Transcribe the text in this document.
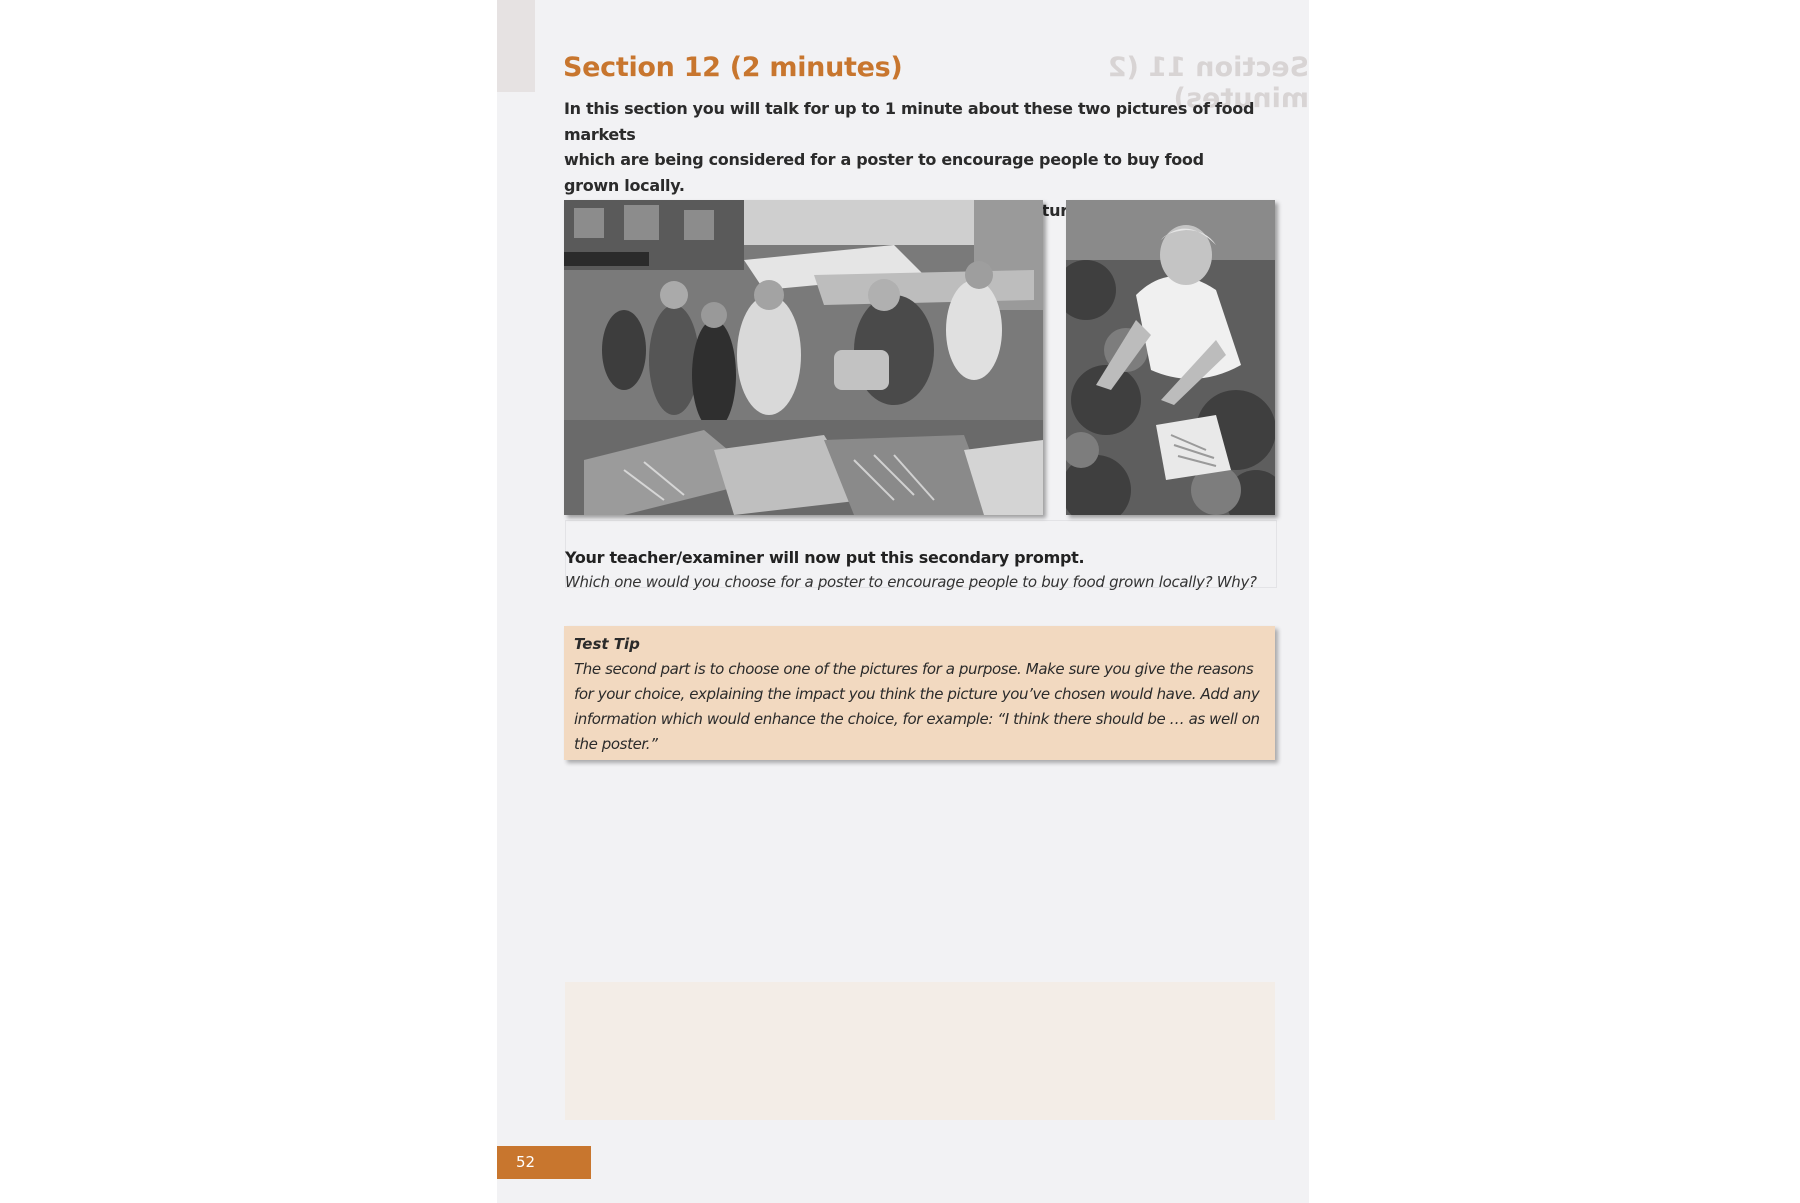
Section 11 (2 minutes)
Section 12 (2 minutes)
In this section you will talk for up to 1 minute about these two pictures of food markets
which are being considered for a poster to encourage people to buy food grown locally.
pictures.
Your teacher/examiner will now put this secondary prompt.
Which one would you choose for a poster to encourage people to buy food grown locally? Why?
Test Tip
The second part is to choose one of the pictures for a purpose. Make sure you give the reasons
for your choice, explaining the impact you think the picture you’ve chosen would have. Add any
information which would enhance the choice, for example: “I think there should be … as well on
the poster.”
52
